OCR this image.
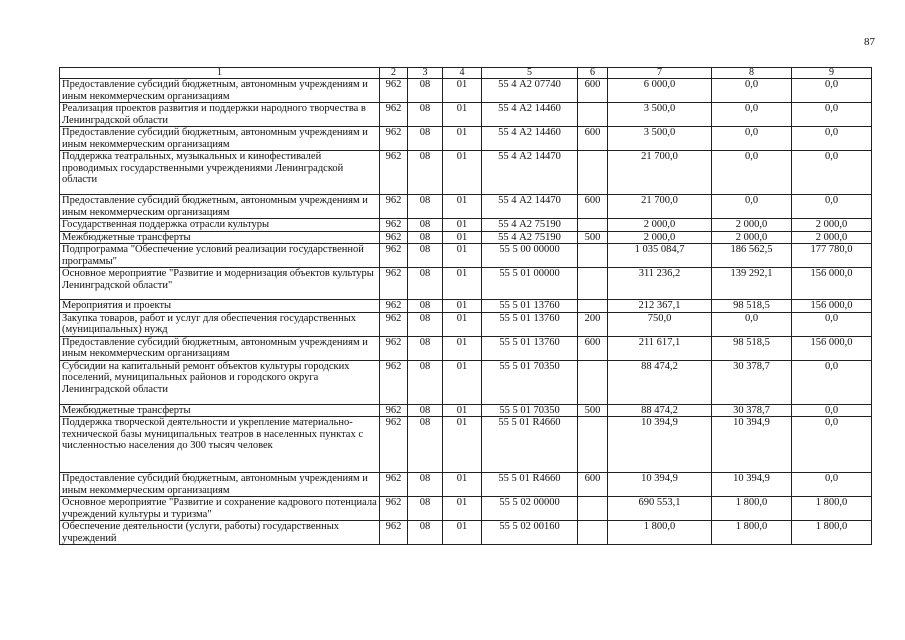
87
1	2	3	4	5	6	7	8	9
Предоставление субсидий бюджетным, автономным учреждениям и иным некоммерческим организациям	962	08	01	55 4 А2 07740	600	6 000,0	0,0	0,0
Реализация проектов развития и поддержки народного творчества в Ленинградской области	962	08	01	55 4 А2 14460		3 500,0	0,0	0,0
Предоставление субсидий бюджетным, автономным учреждениям и иным некоммерческим организациям	962	08	01	55 4 А2 14460	600	3 500,0	0,0	0,0
Поддержка театральных, музыкальных и кинофестивалей проводимых государственными учреждениями Ленинградской области	962	08	01	55 4 А2 14470		21 700,0	0,0	0,0
Предоставление субсидий бюджетным, автономным учреждениям и иным некоммерческим организациям	962	08	01	55 4 А2 14470	600	21 700,0	0,0	0,0
Государственная поддержка отрасли культуры	962	08	01	55 4 А2 75190		2 000,0	2 000,0	2 000,0
Межбюджетные трансферты	962	08	01	55 4 А2 75190	500	2 000,0	2 000,0	2 000,0
Подпрограмма "Обеспечение условий реализации государственной программы"	962	08	01	55 5 00 00000		1 035 084,7	186 562,5	177 780,0
Основное мероприятие "Развитие и модернизация объектов культуры Ленинградской области"	962	08	01	55 5 01 00000		311 236,2	139 292,1	156 000,0
Мероприятия и проекты	962	08	01	55 5 01 13760		212 367,1	98 518,5	156 000,0
Закупка товаров, работ и услуг для обеспечения государственных (муниципальных) нужд	962	08	01	55 5 01 13760	200	750,0	0,0	0,0
Предоставление субсидий бюджетным, автономным учреждениям и иным некоммерческим организациям	962	08	01	55 5 01 13760	600	211 617,1	98 518,5	156 000,0
Субсидии на капитальный ремонт объектов культуры городских поселений, муниципальных районов и городского округа Ленинградской области	962	08	01	55 5 01 70350		88 474,2	30 378,7	0,0
Межбюджетные трансферты	962	08	01	55 5 01 70350	500	88 474,2	30 378,7	0,0
Поддержка творческой деятельности и укрепление материально-технической базы муниципальных театров в населенных пунктах с численностью населения до 300 тысяч человек	962	08	01	55 5 01 R4660		10 394,9	10 394,9	0,0
Предоставление субсидий бюджетным, автономным учреждениям и иным некоммерческим организациям	962	08	01	55 5 01 R4660	600	10 394,9	10 394,9	0,0
Основное мероприятие "Развитие и сохранение кадрового потенциала учреждений культуры и туризма"	962	08	01	55 5 02 00000		690 553,1	1 800,0	1 800,0
Обеспечение деятельности (услуги, работы) государственных учреждений	962	08	01	55 5 02 00160		1 800,0	1 800,0	1 800,0
